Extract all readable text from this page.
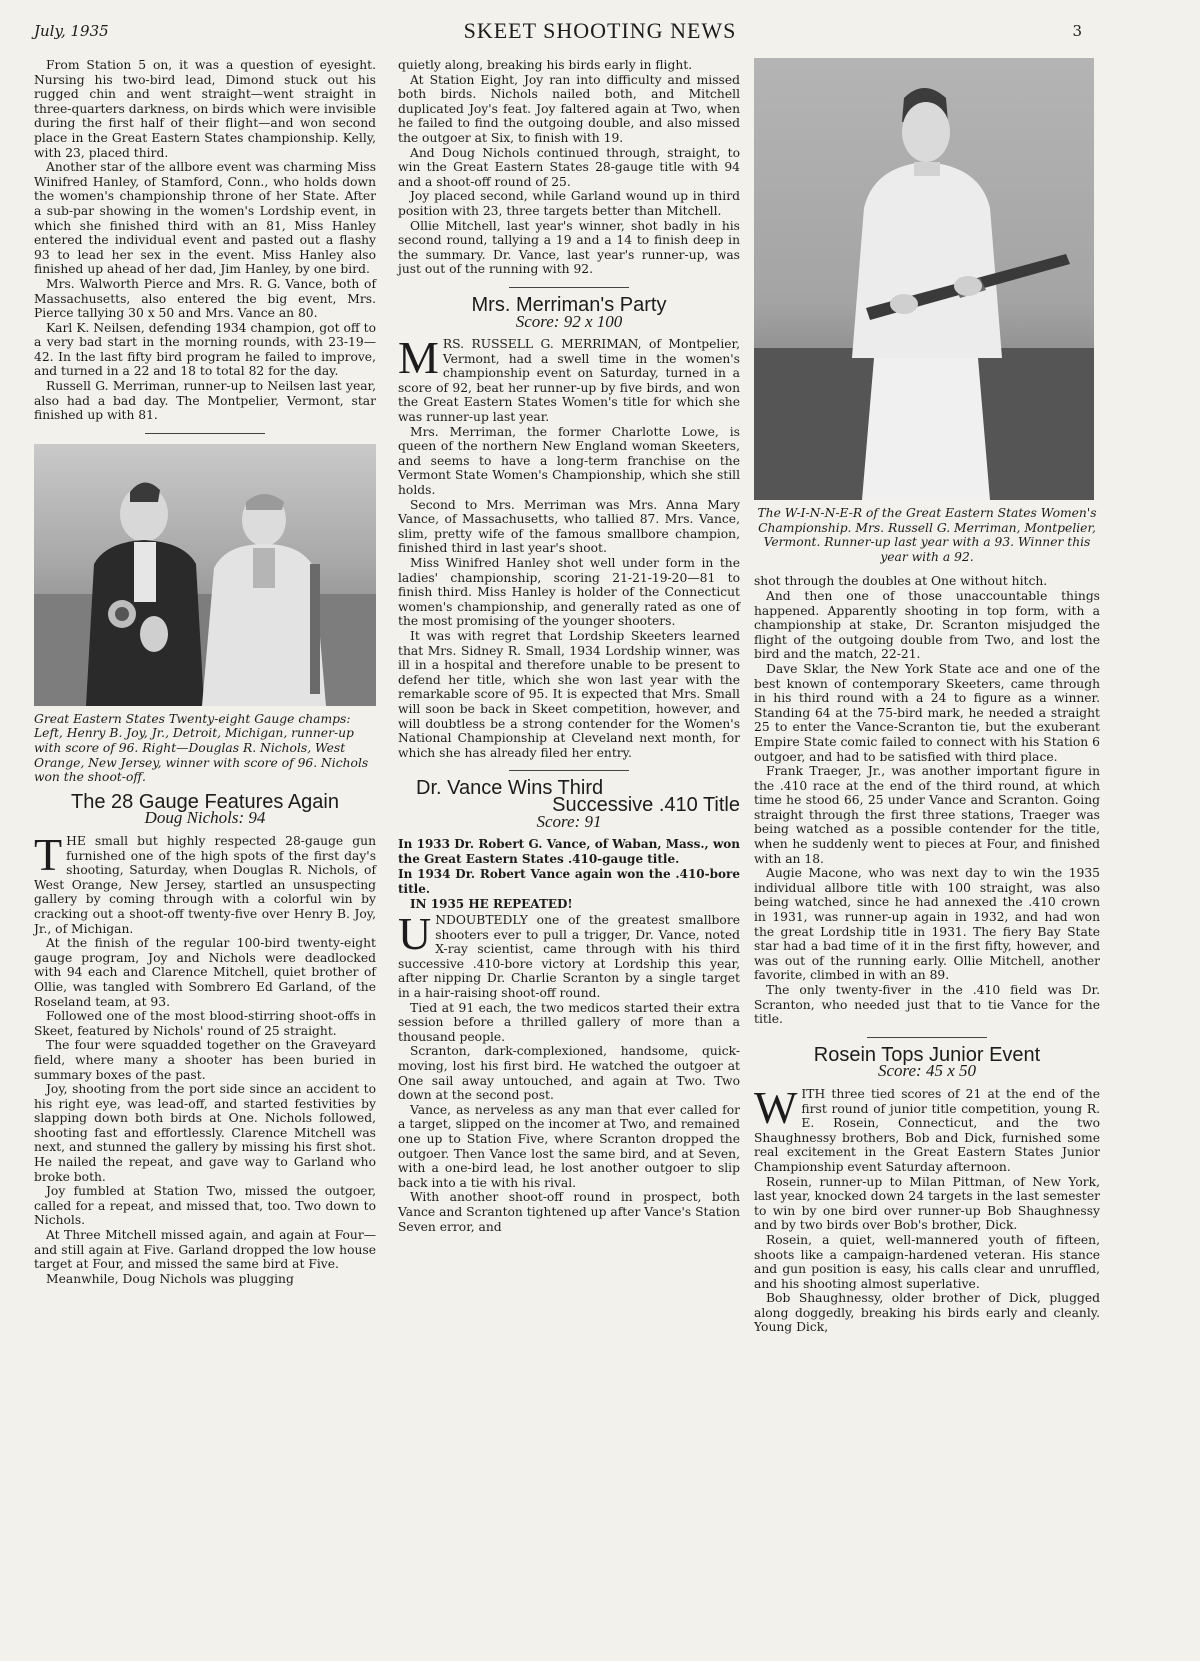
July, 1935	SKEET SHOOTING NEWS	3

From Station 5 on, it was a question of eyesight. Nursing his two-bird lead, Dimond stuck out his rugged chin and went straight—went straight in three-quarters darkness, on birds which were invisible during the first half of their flight—and won second place in the Great Eastern States championship. Kelly, with 23, placed third.

Another star of the allbore event was charming Miss Winifred Hanley, of Stamford, Conn., who holds down the women's championship throne of her State. After a sub-par showing in the women's Lordship event, in which she finished third with an 81, Miss Hanley entered the individual event and pasted out a flashy 93 to lead her sex in the event. Miss Hanley also finished up ahead of her dad, Jim Hanley, by one bird.

Mrs. Walworth Pierce and Mrs. R. G. Vance, both of Massachusetts, also entered the big event, Mrs. Pierce tallying 30 x 50 and Mrs. Vance an 80.

Karl K. Neilsen, defending 1934 champion, got off to a very bad start in the morning rounds, with 23-19—42. In the last fifty bird program he failed to improve, and turned in a 22 and 18 to total 82 for the day.

Russell G. Merriman, runner-up to Neilsen last year, also had a bad day. The Montpelier, Vermont, star finished up with 81.

Great Eastern States Twenty-eight Gauge champs: Left, Henry B. Joy, Jr., Detroit, Michigan, runner-up with score of 96. Right—Douglas R. Nichols, West Orange, New Jersey, winner with score of 96. Nichols won the shoot-off.
The 28 Gauge Features Again
Doug Nichols: 94

THE small but highly respected 28-gauge gun furnished one of the high spots of the first day's shooting, Saturday, when Douglas R. Nichols, of West Orange, New Jersey, startled an unsuspecting gallery by coming through with a colorful win by cracking out a shoot-off twenty-five over Henry B. Joy, Jr., of Michigan.

At the finish of the regular 100-bird twenty-eight gauge program, Joy and Nichols were deadlocked with 94 each and Clarence Mitchell, quiet brother of Ollie, was tangled with Sombrero Ed Garland, of the Roseland team, at 93.

Followed one of the most blood-stirring shoot-offs in Skeet, featured by Nichols' round of 25 straight.

The four were squadded together on the Graveyard field, where many a shooter has been buried in summary boxes of the past.

Joy, shooting from the port side since an accident to his right eye, was lead-off, and started festivities by slapping down both birds at One. Nichols followed, shooting fast and effortlessly. Clarence Mitchell was next, and stunned the gallery by missing his first shot. He nailed the repeat, and gave way to Garland who broke both.

Joy fumbled at Station Two, missed the outgoer, called for a repeat, and missed that, too. Two down to Nichols.

At Three Mitchell missed again, and again at Four—and still again at Five. Garland dropped the low house target at Four, and missed the same bird at Five.

Meanwhile, Doug Nichols was plugging

quietly along, breaking his birds early in flight.

At Station Eight, Joy ran into difficulty and missed both birds. Nichols nailed both, and Mitchell duplicated Joy's feat. Joy faltered again at Two, when he failed to find the outgoing double, and also missed the outgoer at Six, to finish with 19.

And Doug Nichols continued through, straight, to win the Great Eastern States 28-gauge title with 94 and a shoot-off round of 25.

Joy placed second, while Garland wound up in third position with 23, three targets better than Mitchell.

Ollie Mitchell, last year's winner, shot badly in his second round, tallying a 19 and a 14 to finish deep in the summary. Dr. Vance, last year's runner-up, was just out of the running with 92.

Mrs. Merriman's Party
Score: 92 x 100

MRS. RUSSELL G. MERRIMAN, of Montpelier, Vermont, had a swell time in the women's championship event on Saturday, turned in a score of 92, beat her runner-up by five birds, and won the Great Eastern States Women's title for which she was runner-up last year.

Mrs. Merriman, the former Charlotte Lowe, is queen of the northern New England woman Skeeters, and seems to have a long-term franchise on the Vermont State Women's Championship, which she still holds.

Second to Mrs. Merriman was Mrs. Anna Mary Vance, of Massachusetts, who tallied 87. Mrs. Vance, slim, pretty wife of the famous smallbore champion, finished third in last year's shoot.

Miss Winifred Hanley shot well under form in the ladies' championship, scoring 21-21-19-20—81 to finish third. Miss Hanley is holder of the Connecticut women's championship, and generally rated as one of the most promising of the younger shooters.

It was with regret that Lordship Skeeters learned that Mrs. Sidney R. Small, 1934 Lordship winner, was ill in a hospital and therefore unable to be present to defend her title, which she won last year with the remarkable score of 95. It is expected that Mrs. Small will soon be back in Skeet competition, however, and will doubtless be a strong contender for the Women's National Championship at Cleveland next month, for which she has already filed her entry.

Dr. Vance Wins Third
Successive .410 Title
Score: 91

In 1933 Dr. Robert G. Vance, of Waban, Mass., won the Great Eastern States .410-gauge title.

In 1934 Dr. Robert Vance again won the .410-bore title.

IN 1935 HE REPEATED!

UNDOUBTEDLY one of the greatest smallbore shooters ever to pull a trigger, Dr. Vance, noted X-ray scientist, came through with his third successive .410-bore victory at Lordship this year, after nipping Dr. Charlie Scranton by a single target in a hair-raising shoot-off round.

Tied at 91 each, the two medicos started their extra session before a thrilled gallery of more than a thousand people.

Scranton, dark-complexioned, handsome, quick-moving, lost his first bird. He watched the outgoer at One sail away untouched, and again at Two. Two down at the second post.

Vance, as nerveless as any man that ever called for a target, slipped on the incomer at Two, and remained one up to Station Five, where Scranton dropped the outgoer. Then Vance lost the same bird, and at Seven, with a one-bird lead, he lost another outgoer to slip back into a tie with his rival.

With another shoot-off round in prospect, both Vance and Scranton tightened up after Vance's Station Seven error, and

The W-I-N-N-E-R of the Great Eastern States Women's Championship. Mrs. Russell G. Merriman, Montpelier, Vermont. Runner-up last year with a 93. Winner this year with a 92.

shot through the doubles at One without hitch.

And then one of those unaccountable things happened. Apparently shooting in top form, with a championship at stake, Dr. Scranton misjudged the flight of the outgoing double from Two, and lost the bird and the match, 22-21.

Dave Sklar, the New York State ace and one of the best known of contemporary Skeeters, came through in his third round with a 24 to figure as a winner. Standing 64 at the 75-bird mark, he needed a straight 25 to enter the Vance-Scranton tie, but the exuberant Empire State comic failed to connect with his Station 6 outgoer, and had to be satisfied with third place.

Frank Traeger, Jr., was another important figure in the .410 race at the end of the third round, at which time he stood 66, 25 under Vance and Scranton. Going straight through the first three stations, Traeger was being watched as a possible contender for the title, when he suddenly went to pieces at Four, and finished with an 18.

Augie Macone, who was next day to win the 1935 individual allbore title with 100 straight, was also being watched, since he had annexed the .410 crown in 1931, was runner-up again in 1932, and had won the great Lordship title in 1931. The fiery Bay State star had a bad time of it in the first fifty, however, and was out of the running early. Ollie Mitchell, another favorite, climbed in with an 89.

The only twenty-fiver in the .410 field was Dr. Scranton, who needed just that to tie Vance for the title.

Rosein Tops Junior Event
Score: 45 x 50

WITH three tied scores of 21 at the end of the first round of junior title competition, young R. E. Rosein, Connecticut, and the two Shaughnessy brothers, Bob and Dick, furnished some real excitement in the Great Eastern States Junior Championship event Saturday afternoon.

Rosein, runner-up to Milan Pittman, of New York, last year, knocked down 24 targets in the last semester to win by one bird over runner-up Bob Shaughnessy and by two birds over Bob's brother, Dick.

Rosein, a quiet, well-mannered youth of fifteen, shoots like a campaign-hardened veteran. His stance and gun position is easy, his calls clear and unruffled, and his shooting almost superlative.

Bob Shaughnessy, older brother of Dick, plugged along doggedly, breaking his birds early and cleanly. Young Dick,
